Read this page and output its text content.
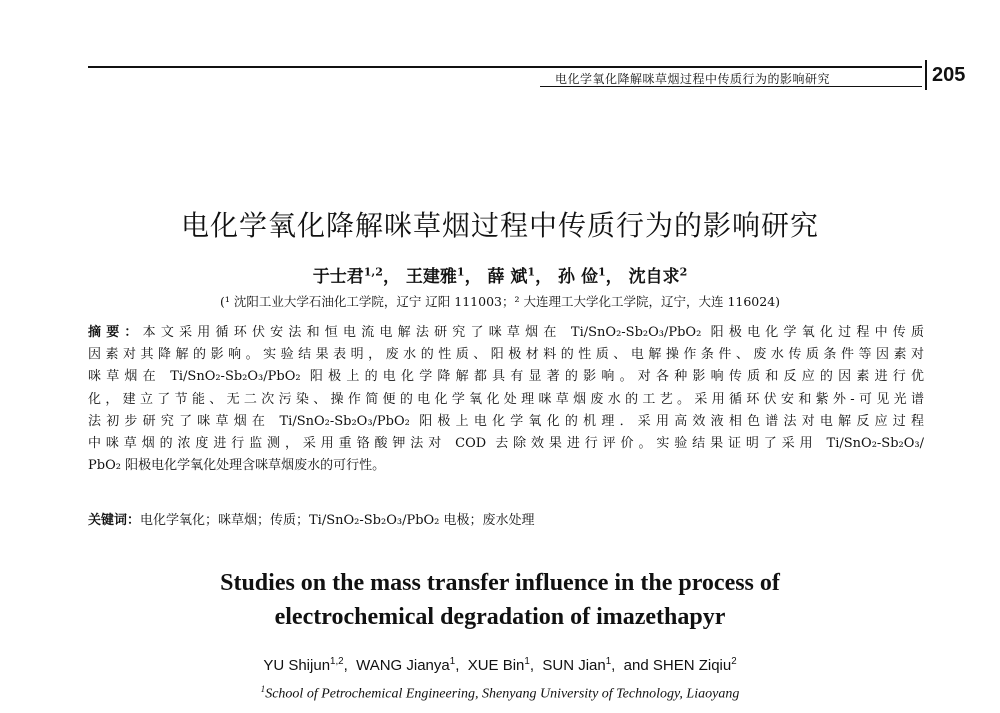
电化学氧化降解咪草烟过程中传质行为的影响研究	205
电化学氧化降解咪草烟过程中传质行为的影响研究
于士君$^{1,2}$， 王建雅$^1$， 薛 斌$^1$， 孙 俭$^1$， 沈自求$^2$
(¹ 沈阳工业大学石油化工学院，辽宁 辽阳 111003；² 大连理工大学化工学院，辽宁，大连 116024)
摘要：本文采用循环伏安法和恒电流电解法研究了咪草烟在 Ti/SnO₂-Sb₂O₃/PbO₂ 阳极电化学氧化过程中传质
因素对其降解的影响。实验结果表明，废水的性质、阳极材料的性质、电解操作条件、废水传质条件等因素对
咪草烟在 Ti/SnO₂-Sb₂O₃/PbO₂ 阳极上的电化学降解都具有显著的影响。对各种影响传质和反应的因素进行优
化，建立了节能、无二次污染、操作简便的电化学氧化处理咪草烟废水的工艺。采用循环伏安和紫外-可见光谱
法初步研究了咪草烟在 Ti/SnO₂-Sb₂O₃/PbO₂ 阳极上电化学氧化的机理．采用高效液相色谱法对电解反应过程
中咪草烟的浓度进行监测，采用重铬酸钾法对 COD 去除效果进行评价。实验结果证明了采用 Ti/SnO₂-Sb₂O₃/
PbO₂ 阳极电化学氧化处理含咪草烟废水的可行性。
关键词：电化学氧化；咪草烟；传质；Ti/SnO₂-Sb₂O₃/PbO₂ 电极；废水处理
Studies on the mass transfer influence in the process of
electrochemical degradation of imazethapyr
YU Shijun$^{1,2}$,  WANG Jianya$^1$,  XUE Bin$^1$,  SUN Jian$^1$,  and SHEN Ziqiu$^2$
$^1$School of Petrochemical Engineering, Shenyang University of Technology, Liaoyang
